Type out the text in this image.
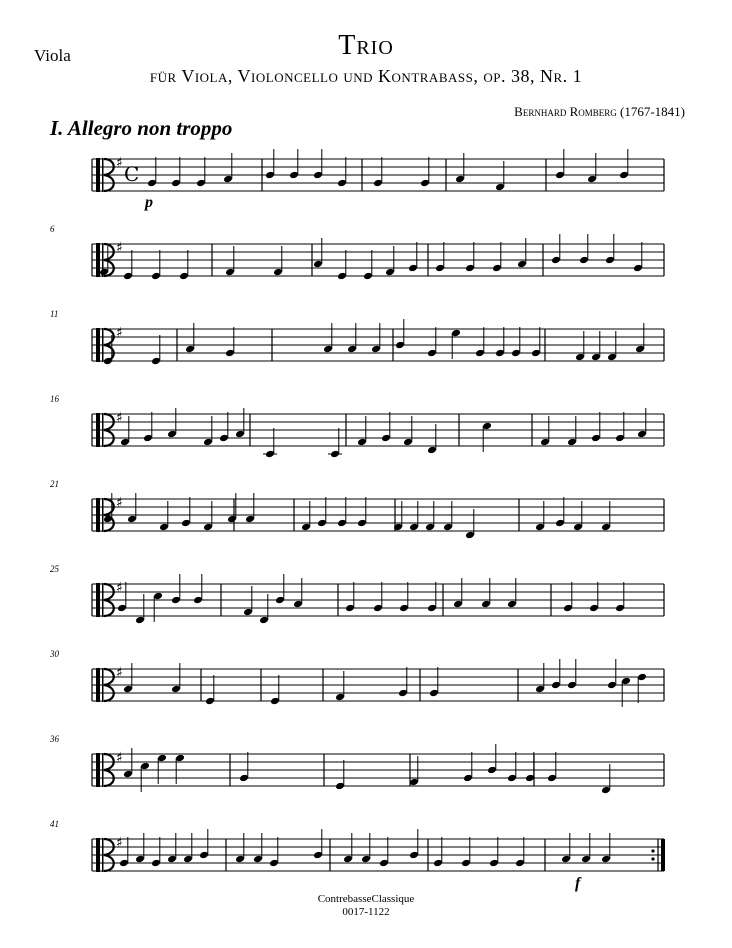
Viola	Trio
für Viola, Violoncello und Kontrabass, op. 38, Nr. 1
Bernhard Romberg (1767-1841)
I. Allegro non troppo
♯ C
♯
6
♯
11
♯
16
♯
21
♯
25
♯
30
♯
36
♯
41
p
f
ContrebasseClassique
0017-1122
